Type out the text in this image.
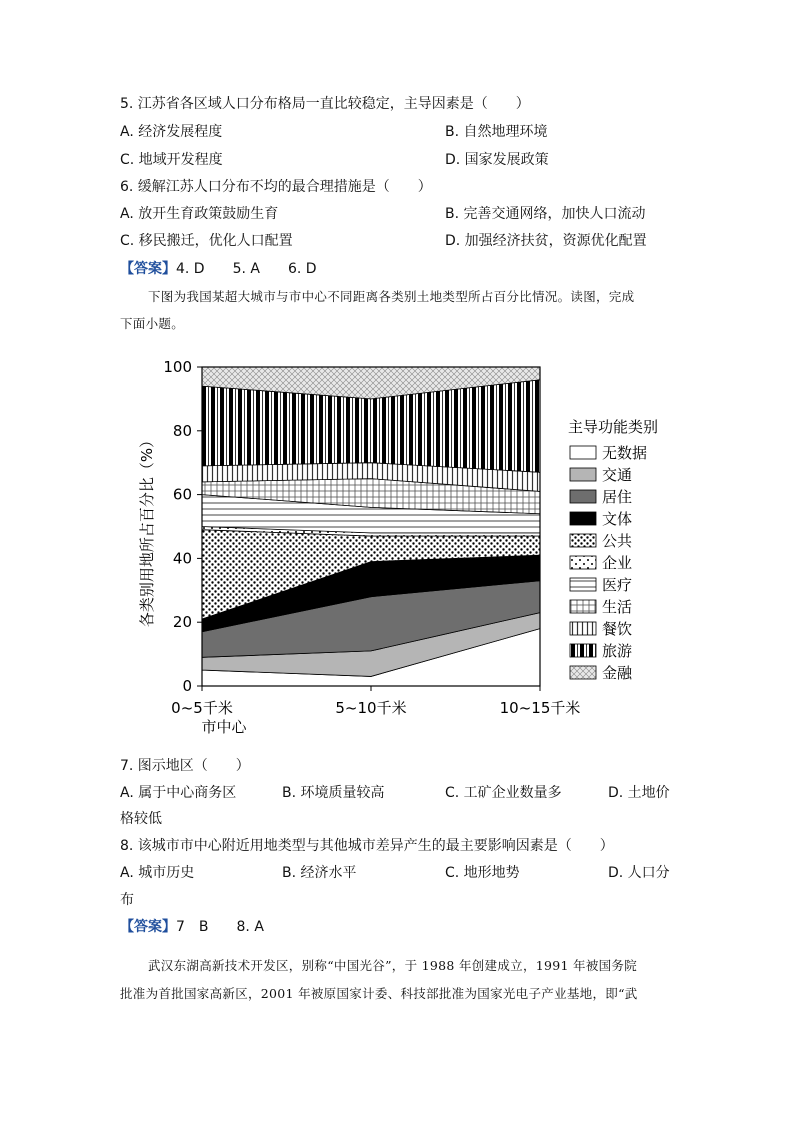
5. 江苏省各区域人口分布格局一直比较稳定，主导因素是（　　）
A. 经济发展程度	B. 自然地理环境
C. 地域开发程度	D. 国家发展政策
6. 缓解江苏人口分布不均的最合理措施是（　　）
A. 放开生育政策鼓励生育	B. 完善交通网络，加快人口流动
C. 移民搬迁，优化人口配置	D. 加强经济扶贫，资源优化配置
【答案】4. D　　5. A　　6. D
下图为我国某超大城市与市中心不同距离各类别土地类型所占百分比情况。读图，完成
下面小题。
0
20
40
60
80
100
0~5千米	5~10千米	10~15千米
各类别用地所占百分比（%）
市中心
主导功能类别
无数据
交通
居住
文体
公共
企业
医疗
生活
餐饮
旅游
金融
7. 图示地区（　　）
A. 属于中心商务区	B. 环境质量较高	C. 工矿企业数量多	D. 土地价
格较低
8. 该城市市中心附近用地类型与其他城市差异产生的最主要影响因素是（　　）
A. 城市历史	B. 经济水平	C. 地形地势	D. 人口分
布
【答案】7　B　　8. A
武汉东湖高新技术开发区，别称“中国光谷”，于 1988 年创建成立，1991 年被国务院
批准为首批国家高新区，2001 年被原国家计委、科技部批准为国家光电子产业基地，即“武
